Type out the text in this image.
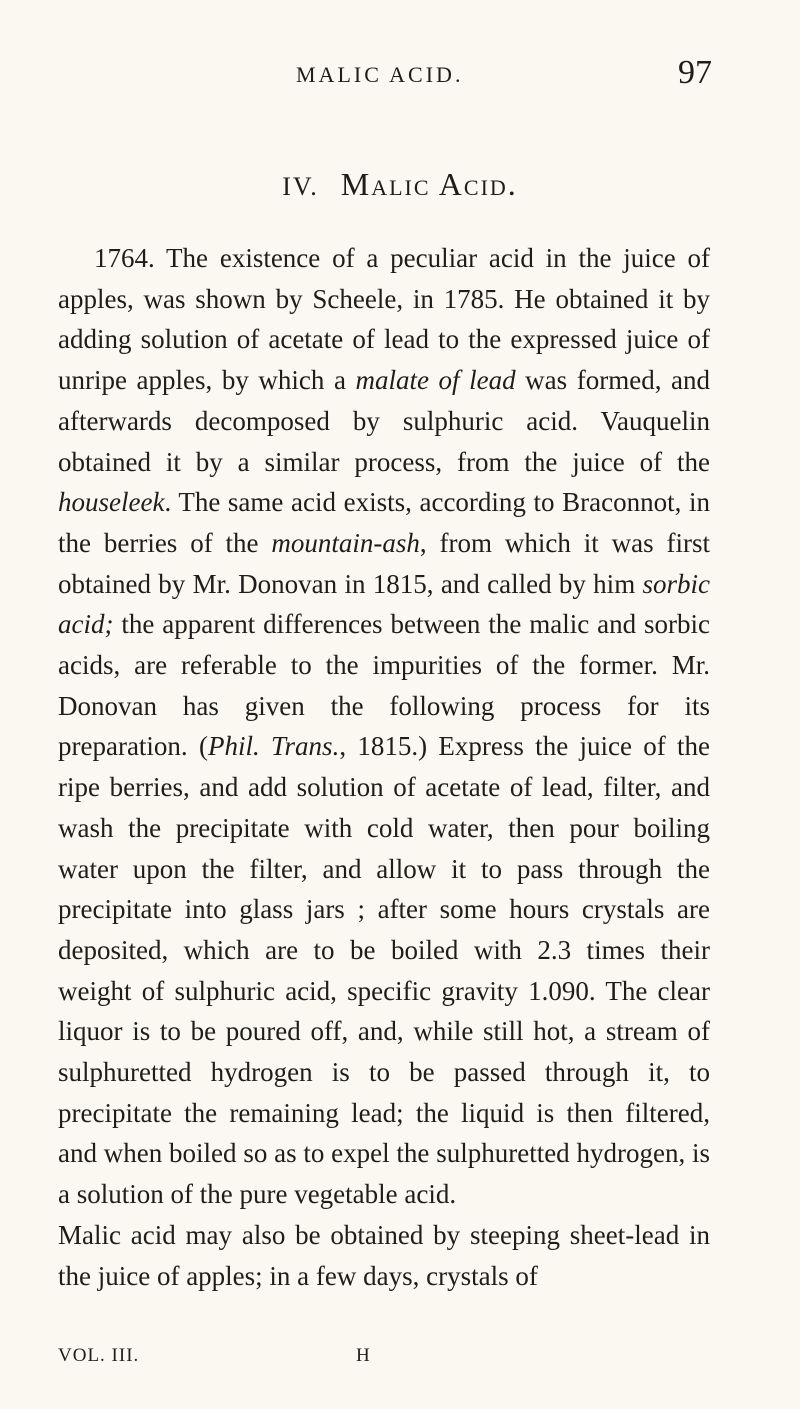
MALIC ACID.	97
IV. Malic Acid.

1764. The existence of a peculiar acid in the juice of apples, was shown by Scheele, in 1785. He obtained it by adding solution of acetate of lead to the expressed juice of unripe apples, by which a malate of lead was formed, and afterwards decomposed by sulphuric acid. Vauquelin obtained it by a similar process, from the juice of the houseleek. The same acid exists, according to Braconnot, in the berries of the mountain-ash, from which it was first obtained by Mr. Donovan in 1815, and called by him sorbic acid; the apparent differences between the malic and sorbic acids, are referable to the impurities of the former. Mr. Donovan has given the following process for its preparation. (Phil. Trans., 1815.) Express the juice of the ripe berries, and add solution of acetate of lead, filter, and wash the precipitate with cold water, then pour boiling water upon the filter, and allow it to pass through the precipitate into glass jars ; after some hours crystals are deposited, which are to be boiled with 2.3 times their weight of sulphuric acid, specific gravity 1.090. The clear liquor is to be poured off, and, while still hot, a stream of sulphuretted hydrogen is to be passed through it, to precipitate the remaining lead; the liquid is then filtered, and when boiled so as to expel the sulphuretted hydrogen, is a solution of the pure vegetable acid.

Malic acid may also be obtained by steeping sheet-lead in the juice of apples; in a few days, crystals of

VOL. III.	H
